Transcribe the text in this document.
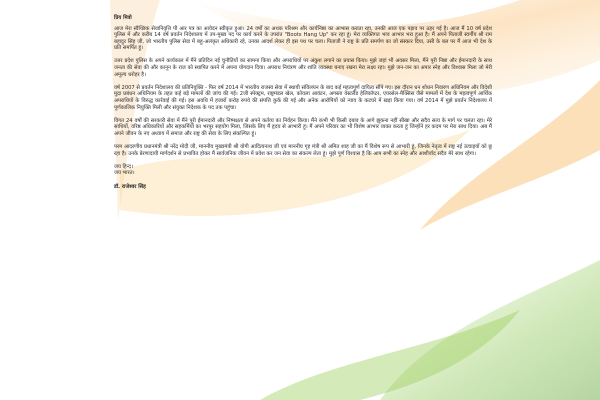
प्रिय मित्रो

आज मेरा स्वैच्छिक सेवानिवृत्ति पी आर पत्र का आवेदन स्वीकृत हुआ। 24 वर्षों का अथक परिश्रम और कार्यनिष्ठा का आभास कराता रहा, उनकी आज एक पड़ाव पर ठहर गई है। आज मैं 10 वर्ष प्रदेश पुलिस में और करीब 14 वर्ष प्रवर्तन निदेशालय में उप-मुख्य पद पर कार्य करने के उपरांत "Boots Hang Up" कर रहा हूं। मेरा व्यक्तिगत भाव आभार भरा हुआ है। मैं अपने पिताजी स्वर्गीय श्री राम बहादुर सिंह जी, जो भारतीय पुलिस सेवा में बहु-अलंकृत अधिकारी रहे, उनका आदर्श लेकर ही इस पथ पर चला। पिताजी ने राष्ट्र के प्रति समर्पण का जो संस्कार दिया, उसी के बल पर मैं आज भी देश के प्रति समर्पित हूं।

उत्तर प्रदेश पुलिस के अपने कार्यकाल में मैंने प्रतिदिन नई चुनौतियों का सामना किया और अपराधियों पर अंकुश लगाने का प्रयास किया। मुझे जहां भी अवसर मिला, मैंने पूरी निष्ठा और ईमानदारी के साथ जनता की सेवा की और कानून के राज को स्थापित करने में अपना योगदान दिया। अपराध नियंत्रण और शांति व्यवस्था बनाए रखना मेरा लक्ष्य रहा। मुझे जन-जन का अपार स्नेह और विश्वास मिला जो मेरी अमूल्य धरोहर है।

वर्ष 2007 से प्रवर्तन निदेशालय की प्रतिनियुक्ति - फिर वर्ष 2014 में भारतीय राजस्व सेवा में स्थायी संविलयन के बाद कई महत्वपूर्ण दायित्व सौंपे गए। इस दौरान धन शोधन निवारण अधिनियम और विदेशी मुद्रा प्रबंधन अधिनियम के तहत कई बड़े मामलों की जांच की गई। 2जी स्पेक्ट्रम, राष्ट्रमंडल खेल, कोयला आवंटन, अगस्ता वेस्टलैंड हेलिकॉप्टर, एयरसेल-मैक्सिस जैसे मामलों में देश के महत्वपूर्ण आर्थिक अपराधियों के विरुद्ध कार्रवाई की गई। इस अवधि में हजारों करोड़ रुपये की संपत्ति कुर्क की गई और अनेक आरोपियों को न्याय के कटघरे में खड़ा किया गया। वर्ष 2014 में मुझे प्रवर्तन निदेशालय में पूर्णकालिक नियुक्ति मिली और संयुक्त निदेशक के पद तक पहुंचा।

विगत 24 वर्षों की सरकारी सेवा में मैंने पूरी ईमानदारी और निष्पक्षता से अपने कर्तव्य का निर्वहन किया। मैंने कभी भी किसी दबाव के आगे झुकना नहीं सीखा और सदैव सत्य के मार्ग पर चलता रहा। मेरे साथियों, वरिष्ठ अधिकारियों और सहकर्मियों का भरपूर सहयोग मिला, जिसके लिए मैं हृदय से आभारी हूं। मैं अपने परिवार का भी विशेष आभार व्यक्त करता हूं जिन्होंने हर कदम पर मेरा साथ दिया। अब मैं अपने जीवन के नए अध्याय में समाज और राष्ट्र की सेवा के लिए संकल्पित हूं।

परम आदरणीय प्रधानमंत्री श्री नरेंद्र मोदी जी, माननीय मुख्यमंत्री श्री योगी आदित्यनाथ जी एवं माननीय गृह मंत्री श्री अमित शाह जी का मैं विशेष रूप से आभारी हूं, जिनके नेतृत्व में राष्ट्र नई ऊंचाइयों को छू रहा है। उनके प्रेरणादायी मार्गदर्शन से प्रभावित होकर मैं सार्वजनिक जीवन में प्रवेश कर जन सेवा का संकल्प लेता हूं। मुझे पूर्ण विश्वास है कि आप सभी का स्नेह और आशीर्वाद सदैव मेरे साथ रहेगा।

जय हिन्द।

जय भारत।

डॉ. राजेश्वर सिंह
